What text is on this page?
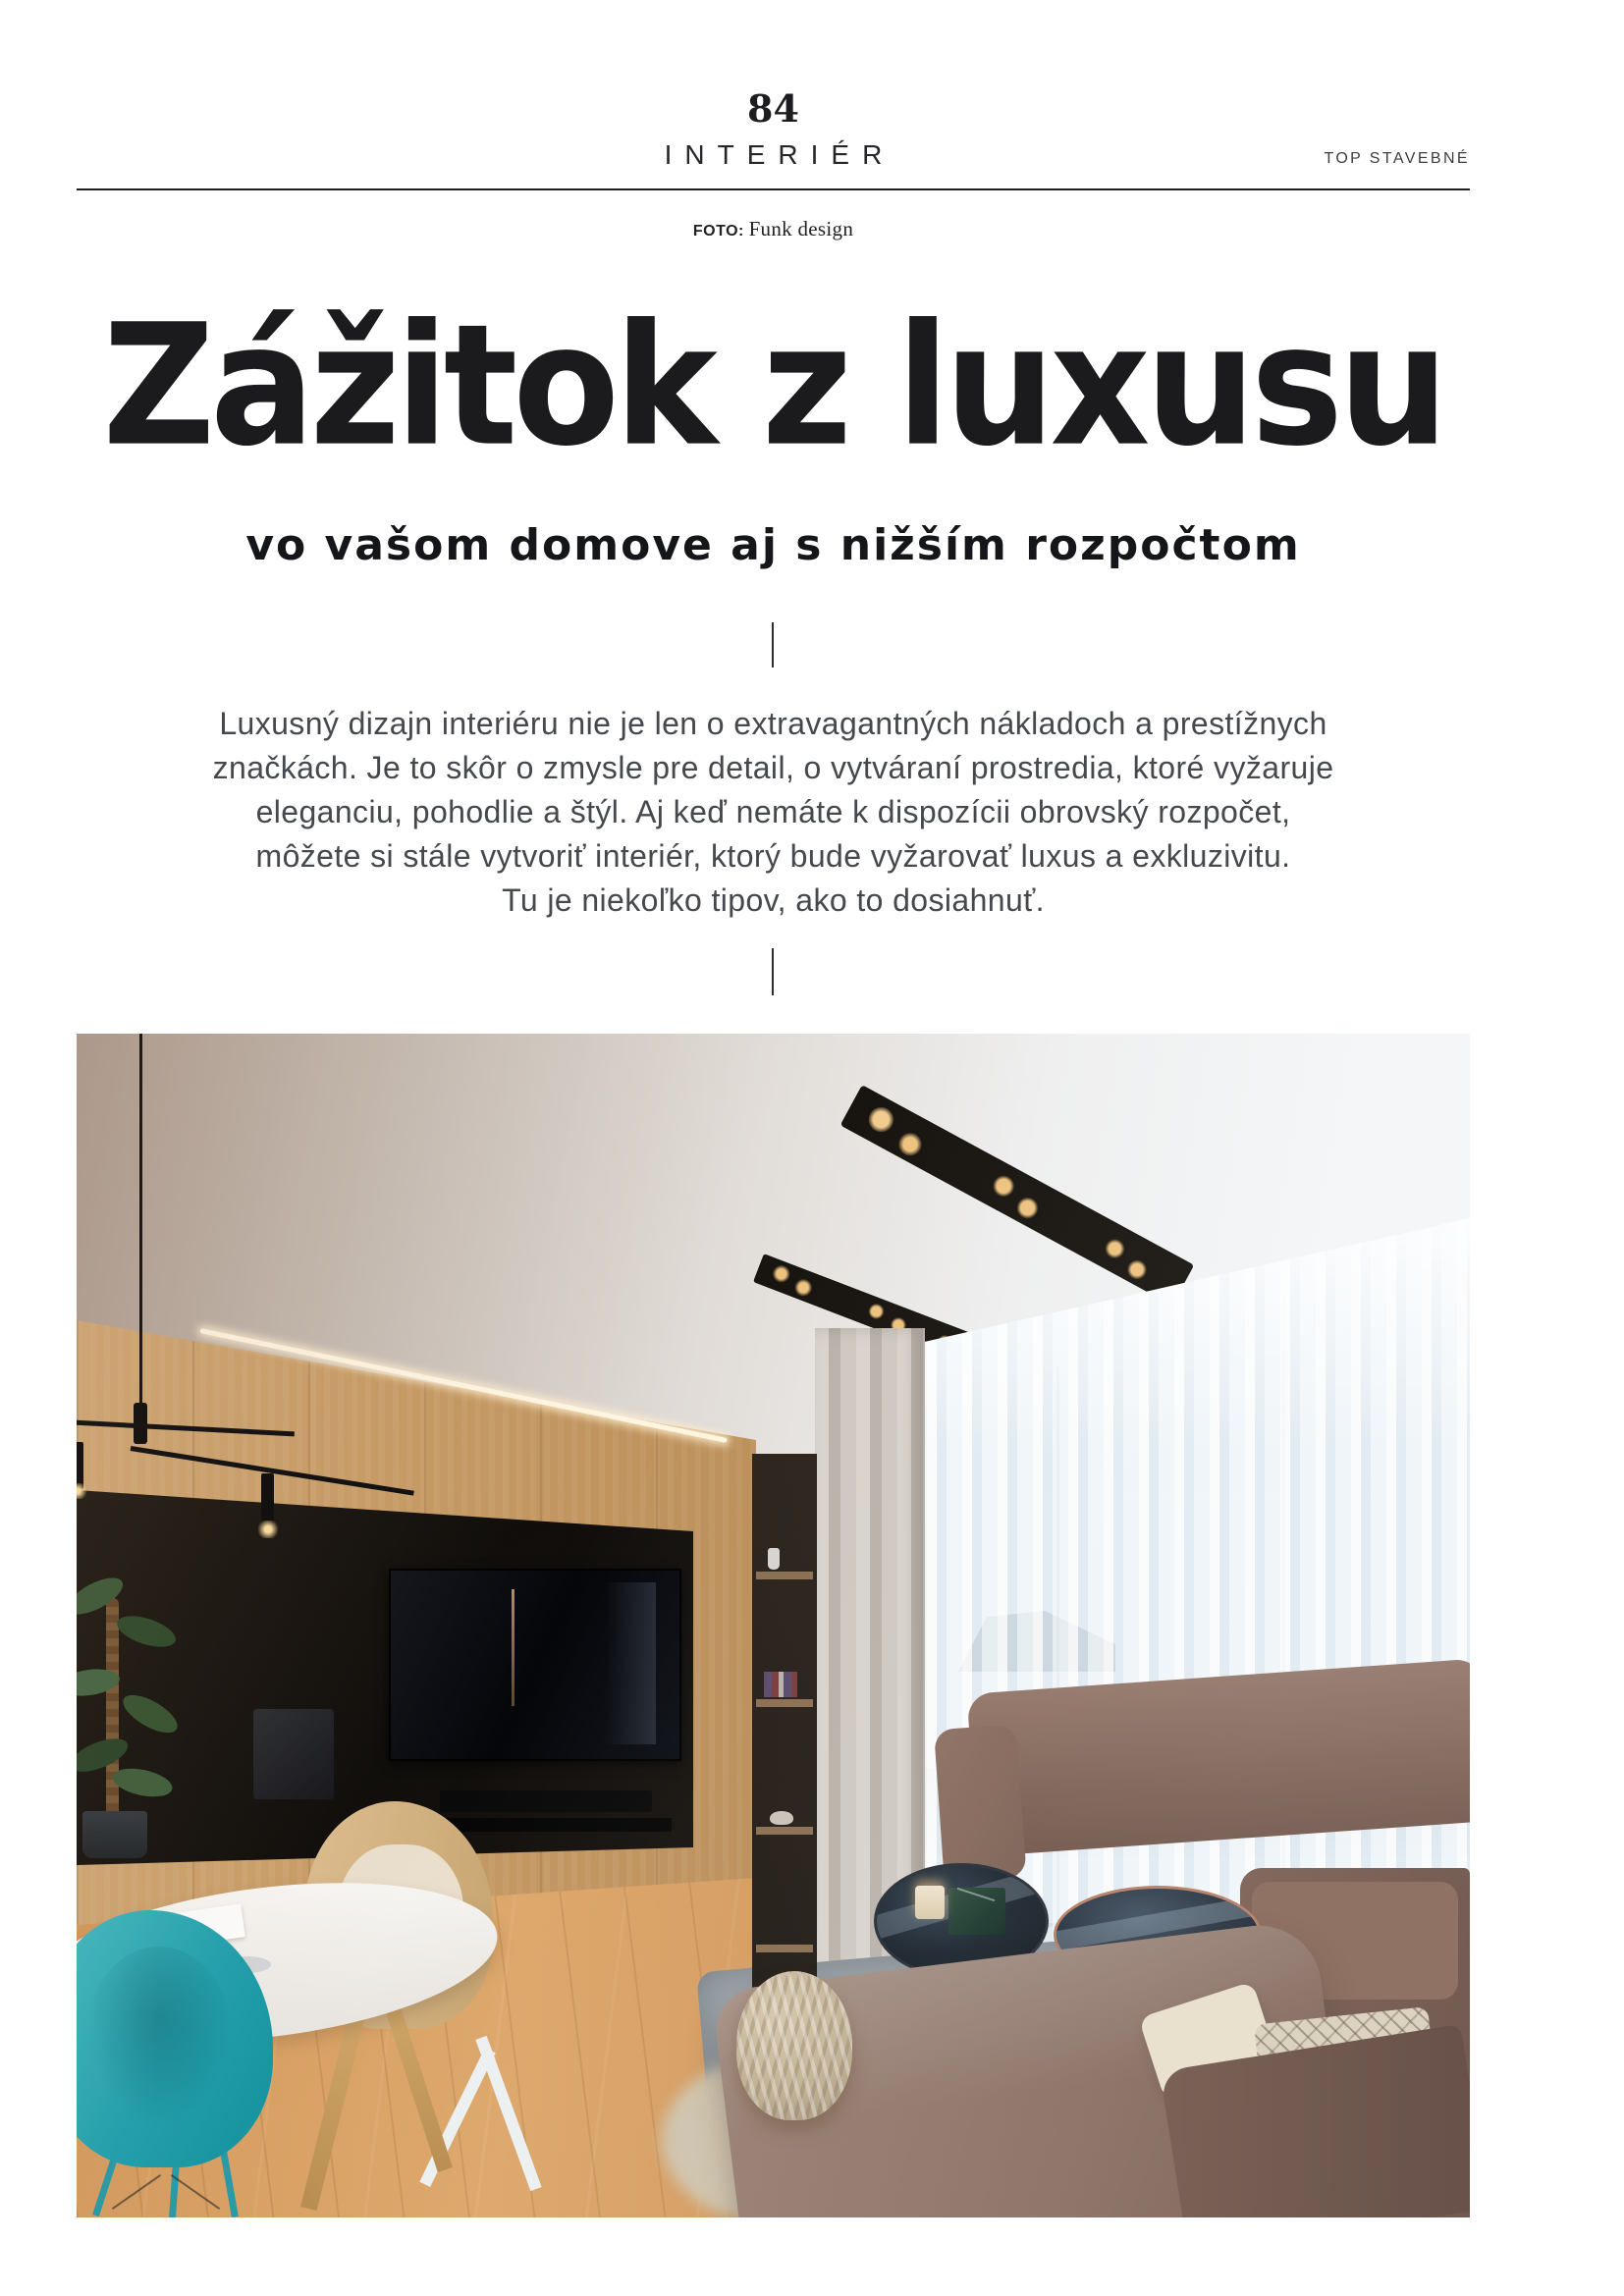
84
INTERIÉR	TOP STAVEBNÉ
FOTO: Funk design
Zážitok z luxusu
vo vašom domove aj s nižším rozpočtom

Luxusný dizajn interiéru nie je len o extravagantných nákladoch a prestížnych
značkách. Je to skôr o zmysle pre detail, o vytváraní prostredia, ktoré vyžaruje
eleganciu, pohodlie a štýl. Aj keď nemáte k dispozícii obrovský rozpočet,
môžete si stále vytvoriť interiér, ktorý bude vyžarovať luxus a exkluzivitu.
Tu je niekoľko tipov, ako to dosiahnuť.
